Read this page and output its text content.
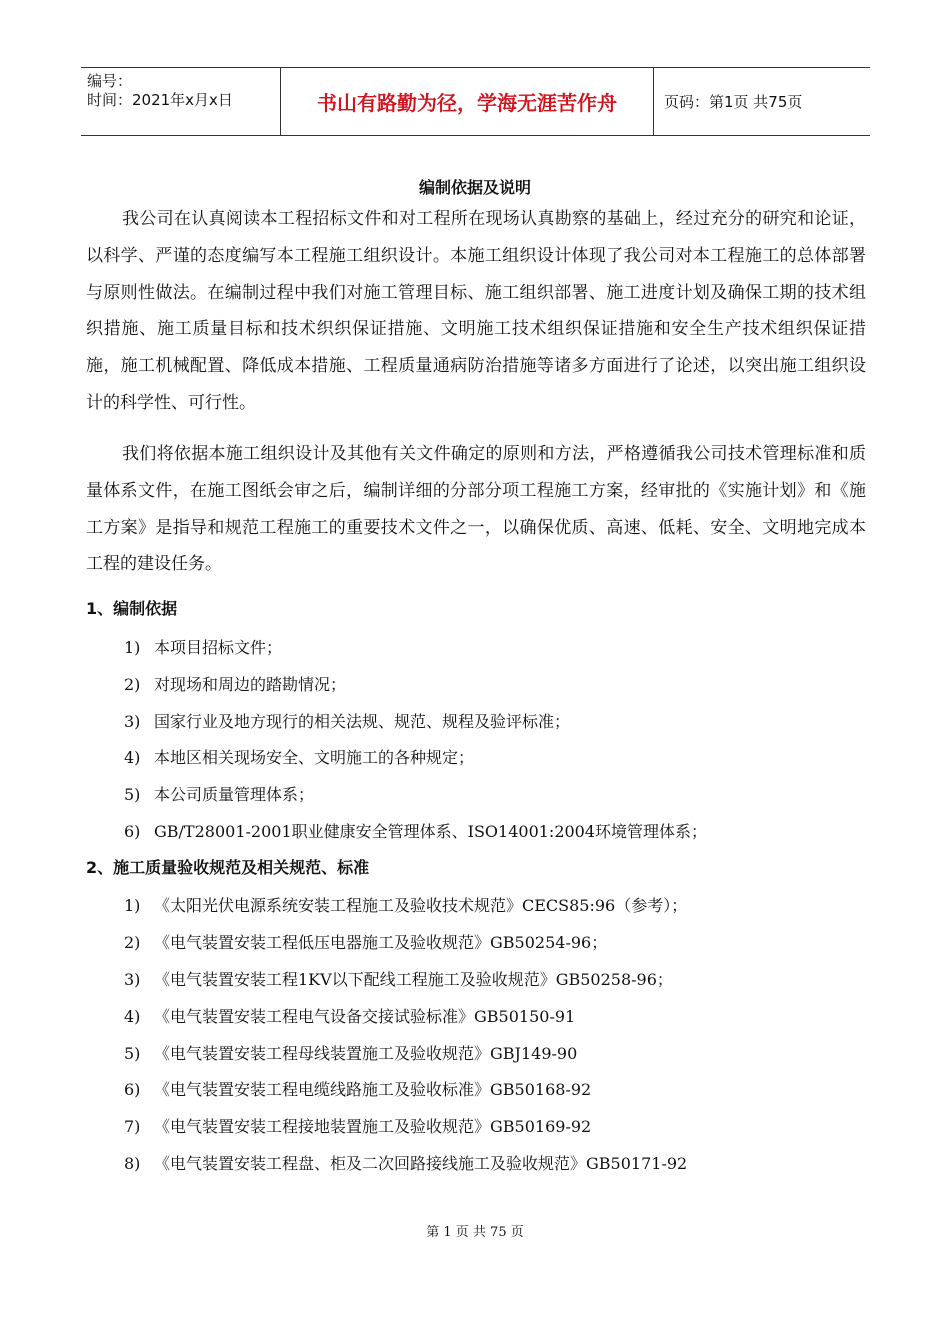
编号：
时间：2021年x月x日	书山有路勤为径，学海无涯苦作舟	页码：第1页 共75页
编制依据及说明

我公司在认真阅读本工程招标文件和对工程所在现场认真勘察的基础上，经过充分的研究和论证，以科学、严谨的态度编写本工程施工组织设计。本施工组织设计体现了我公司对本工程施工的总体部署与原则性做法。在编制过程中我们对施工管理目标、施工组织部署、施工进度计划及确保工期的技术组织措施、施工质量目标和技术织织保证措施、文明施工技术组织保证措施和安全生产技术组织保证措施，施工机械配置、降低成本措施、工程质量通病防治措施等诸多方面进行了论述，以突出施工组织设计的科学性、可行性。

我们将依据本施工组织设计及其他有关文件确定的原则和方法，严格遵循我公司技术管理标准和质量体系文件，在施工图纸会审之后，编制详细的分部分项工程施工方案，经审批的《实施计划》和《施工方案》是指导和规范工程施工的重要技术文件之一，以确保优质、高速、低耗、安全、文明地完成本工程的建设任务。

1、编制依据
1) 本项目招标文件；
2) 对现场和周边的踏勘情况；
3) 国家行业及地方现行的相关法规、规范、规程及验评标准；
4) 本地区相关现场安全、文明施工的各种规定；
5) 本公司质量管理体系；
6) GB/T28001-2001职业健康安全管理体系、ISO14001:2004环境管理体系；
2、施工质量验收规范及相关规范、标准
1) 《太阳光伏电源系统安装工程施工及验收技术规范》CECS85:96（参考）；
2) 《电气装置安装工程低压电器施工及验收规范》GB50254-96；
3) 《电气装置安装工程1KV以下配线工程施工及验收规范》GB50258-96；
4) 《电气装置安装工程电气设备交接试验标准》GB50150-91
5) 《电气装置安装工程母线装置施工及验收规范》GBJ149-90
6) 《电气装置安装工程电缆线路施工及验收标准》GB50168-92
7) 《电气装置安装工程接地装置施工及验收规范》GB50169-92
8) 《电气装置安装工程盘、柜及二次回路接线施工及验收规范》GB50171-92
第 1 页 共 75 页
